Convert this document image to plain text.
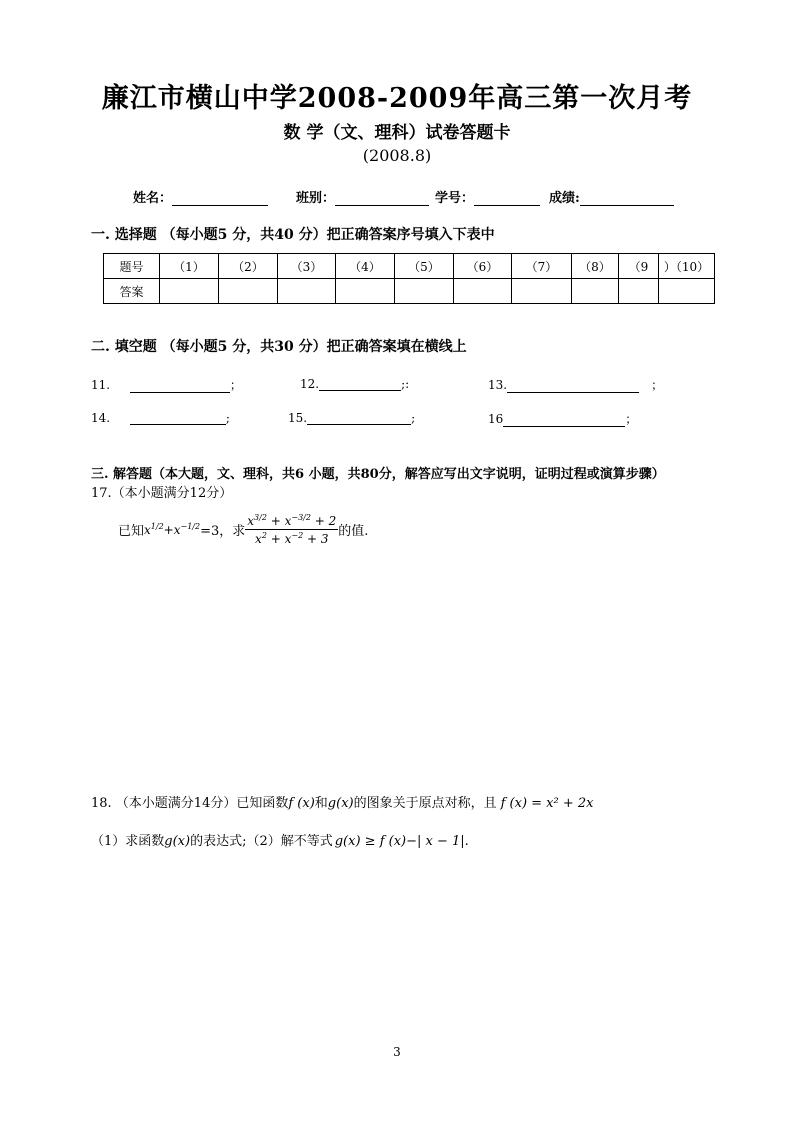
廉江市横山中学2008-2009年高三第一次月考
数 学（文、理科）试卷答题卡
(2008.8)
姓名：	班别：	学号：	成绩:
一. 选择题 （每小题5 分，共40 分）把正确答案序号填入下表中
题号	（1）	（2）	（3）	（4）	（5）	（6）	（7）	（8）	（9	）（10）
答案										
二. 填空题 （每小题5 分，共30 分）把正确答案填在横线上
11.	；	12.	;:	13.	；
14.	;	15.	;	16	；
三. 解答题（本大题，文、理科，共6 小题，共80分，解答应写出文字说明，证明过程或演算步骤）
17.（本小题满分12分）
已知 $x^{1/2}+x^{-1/2} =3$，求 $\frac{x^{3/2} + x^{-3/2} + 2}{x^2 + x^{-2} + 3}$ 的值.
18. （本小题满分14分）已知函数f (x)和g(x)的图象关于原点对称，且 f (x) = x² + 2x
（1）求函数g(x)的表达式;（2）解不等式 g(x) ≥ f (x)−| x − 1|.
3
